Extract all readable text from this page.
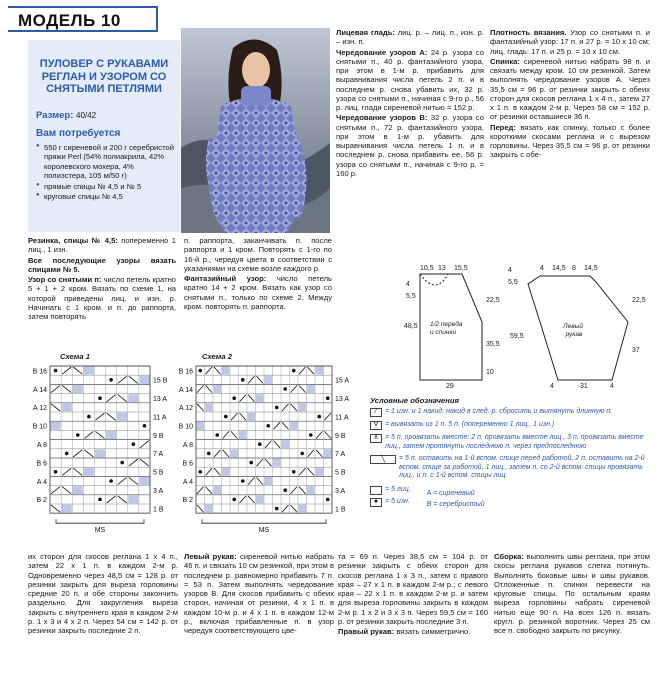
МОДЕЛЬ 10
ПУЛОВЕР С РУКАВАМИ РЕГЛАН И УЗОРОМ СО СНЯТЫМИ ПЕТЛЯМИ
Размер: 40/42
Вам потребуется
● 550 г сиреневой и 200 г серебристой пряжи Perl (54% полиакрила, 42% королевского мохера, 4% полиэстера, 105 м/50 г)
● прямые спицы № 4,5 и № 5
● круговые спицы № 4,5

Резинка, спицы № 4,5: попеременно 1 лиц., 1 изн.

Все последующие узоры вязать спицами № 5.

Узор со снятыми п: число петель кратно 5 + 1 + 2 кром. Вязать по схеме 1, на которой приведены лиц. и изн. р. Начинать с 1 кром. и п. до раппорта, затем повторять

п. раппорта, заканчивать п. после раппорта и 1 кром. Повторять с 1-го по 16-й р., чередуя цвета в соответствии с указаниями на схеме возле каждого р.

Фантазийный узор: число петель кратно 14 + 2 кром. Вязать как узор со снятыми п., только по схеме 2. Между кром. повторять п. раппорта.

Лицевая гладь: лиц. р. – лиц. п., изн. р. – изн. п.

Чередование узоров А: 24 р. узора со снятыми п., 40 р. фантазийного узора, при этом в 1-м р. прибавить для выравнивания числа петель 2 п. и в последнем р. снова убавить их, 32 р. узора со снятыми п., начиная с 9-го р., 56 р. лиц. глади сиреневой нитью = 152 р.

Чередование узоров В: 32 р. узора со снятыми п., 72 р. фантазийного узора, при этом в 1-м р. убавить для выравнивания числа петель 1 п. и в последнем р. снова прибавить ее, 56 р. узора со снятыми п., начиная с 9-го р. = 160 р.

Плотность вязания. Узор со снятыми п. и фантазийный узор: 17 п. и 27 р. = 10 х 10 см; лиц. гладь: 17 п. и 25 р. = 10 х 10 см.

Спинка: сиреневой нитью набрать 98 п. и связать между кром. 10 см резинкой. Затем выполнять чередование узоров А. Через 35,5 см = 96 р. от резинки закрыть с обеих сторон для скосов реглана 1 х 4 п., затем 27 х 1 п. в каждом 2-м р. Через 58 см = 152 р. от резинки оставшиеся 36 п.

Перед: вязать как спинку, только с более короткими скосами реглана и с вырезом горловины. Через 35,5 см = 96 р. от резинки закрыть с обе-

Схема 1
B 16
A 14
A 12
B 10
A 8
B 6
A 4
B 2
15 B
13 A
11 A
9 B
7 A
5 B
3 A
1 B
MS
Схема 2
B 16
A 14
A 12
B 10
A 8
B 6
A 4
B 2
15 A
13 A
11 A
9 B
7 A
5 B
3 A
1 B
MS
10,5 13 15,5
4
5,5
48,5
22,5
35,5
10
29
1/2 переда и спинки
4
5,5
4 14,5 8 14,5
59,5
22,5
37
4	31	4
Левый рукав
Условные обозначения
⁄	= 1 изн. и 1 накид: накид в след. р. сбросить и вытянуть длинную п.
V = вывязать из 1 п. 5 п. (попеременно 1 лиц., 1 изн.)
∧ = 5 п. провязать вместе: 2 п. провязать вместе лиц., 3 п. провязать вместе лиц., затем протянуть последнюю п. через предпоследнюю
╲	= 5 п. оставить на 1-й вспом. спице перед работой, 2 п. оставить на 2-й вспом. спице за работой, 1 лиц., затем п. со 2-й вспом. спицы провязать лиц., и п. с 1-й вспом. спицы лиц.
= 5 лиц.
● = 5 изн.
A = сиреневый
B = серебристый

их сторон для скосов реглана 1 х 4 п., затем 22 х 1 п. в каждом 2-м р. Одновременно через 48,5 см = 128 р. от резинки закрыть для выреза горловины средние 20 п. и обе стороны закончить раздельно. Для закругления выреза закрыть с внутреннего края в каждом 2-м р. 1 х 3 и 4 х 2 п. Через 54 см = 142 р. от резинки закрыть последние 2 п.

Левый рукав: сиреневой нитью набрать 46 п. и связать 10 см резинкой, при этом в последнем р. равномерно прибавить 7 п. = 53 п. Затем выполнять чередование узоров В. Для скосов прибавить с обеих сторон, начиная от резинки, 4 х 1 п. в каждом 10-м р. и 4 х 1 п. в каждом 12-м р., включая прибавленные п. в узор чередуя соответствующего цве-

та = 69 п. Через 38,5 см = 104 р. от резинки закрыть с обеих сторон для скосов реглана 1 х 3 п., затем с правого края – 27 х 1 п. в каждом 2-м р.; с левого края – 22 х 1 п. в каждом 2-м р. и затем для выреза горловины закрыть в каждом 2-м р. 1 х 2 и 3 х 3 п. Через 59,5 см = 160 р. от резинки закрыть последние 3 п.

Правый рукав: вязать симметрично.

Сборка: выполнить швы реглана, при этом скосы реглана рукавов слегка потянуть. Выполнить боковые швы и швы рукавов. Отложенные п. спинки перевести на круговые спицы. По остальным краям выреза горловины набрать сиреневой нитью еще 90 п. На всех 126 п. вязать кругл. р. резинкой воротник. Через 25 см все п. свободно закрыть по рисунку.
